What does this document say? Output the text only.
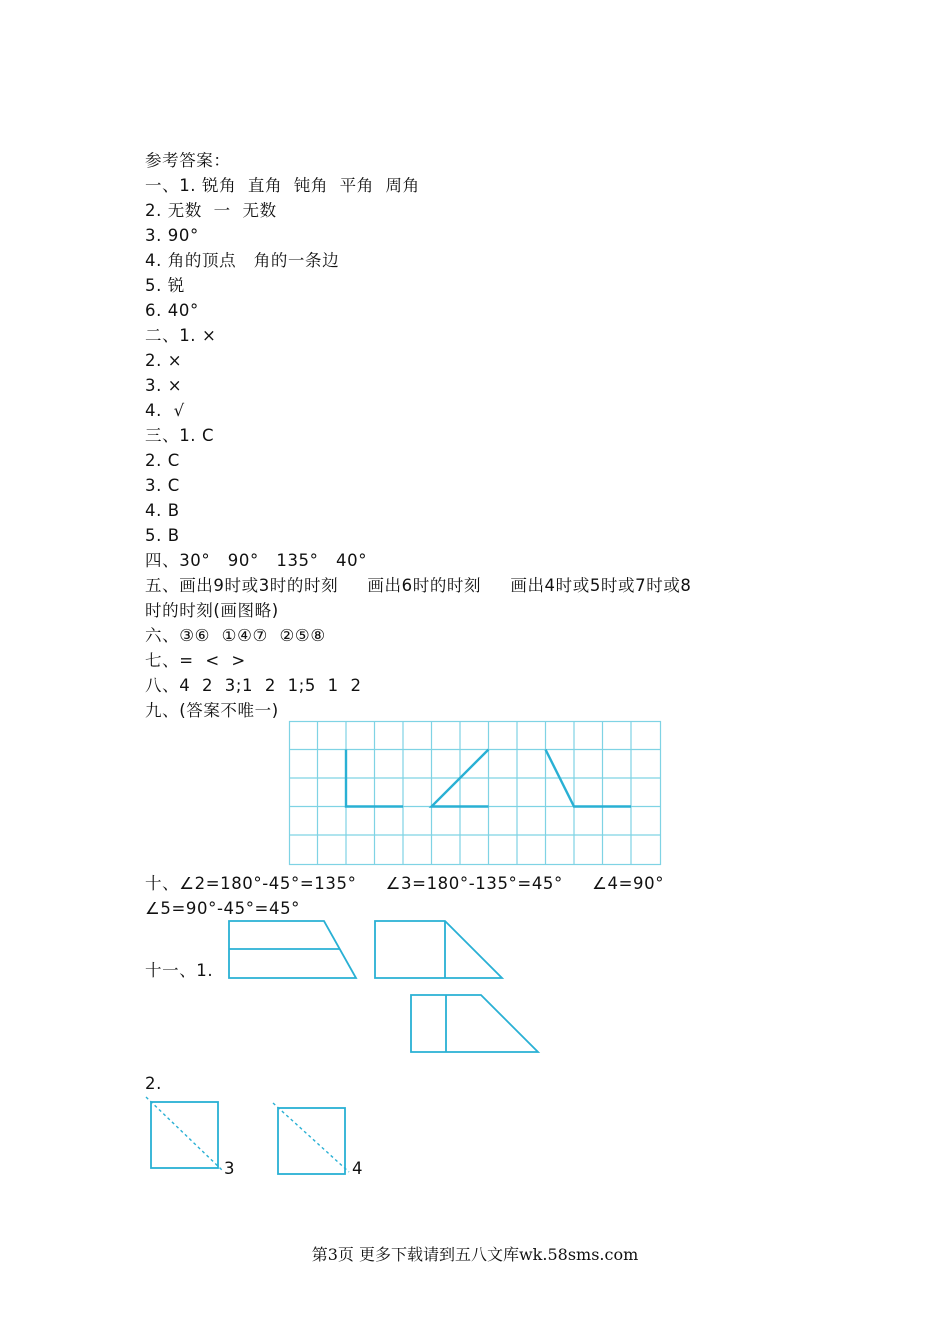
参考答案：
一、1. 锐角  直角  钝角  平角  周角
2. 无数  一  无数
3. 90°
4. 角的顶点   角的一条边
5. 锐
6. 40°
二、1. ×
2. ×
3. ×
4.  √
三、1. C
2. C
3. C
4. B
5. B
四、30°   90°   135°   40°
五、画出9时或3时的时刻     画出6时的时刻     画出4时或5时或7时或8
时的时刻(画图略)
六、③⑥  ①④⑦  ②⑤⑧
七、=  <  >
八、4  2  3;1  2  1;5  1  2
九、(答案不唯一)
十、∠2=180°-45°=135°     ∠3=180°-135°=45°     ∠4=90°
∠5=90°-45°=45°
十一、1.
2.
3	4
第3页 更多下载请到五八文库wk.58sms.com
